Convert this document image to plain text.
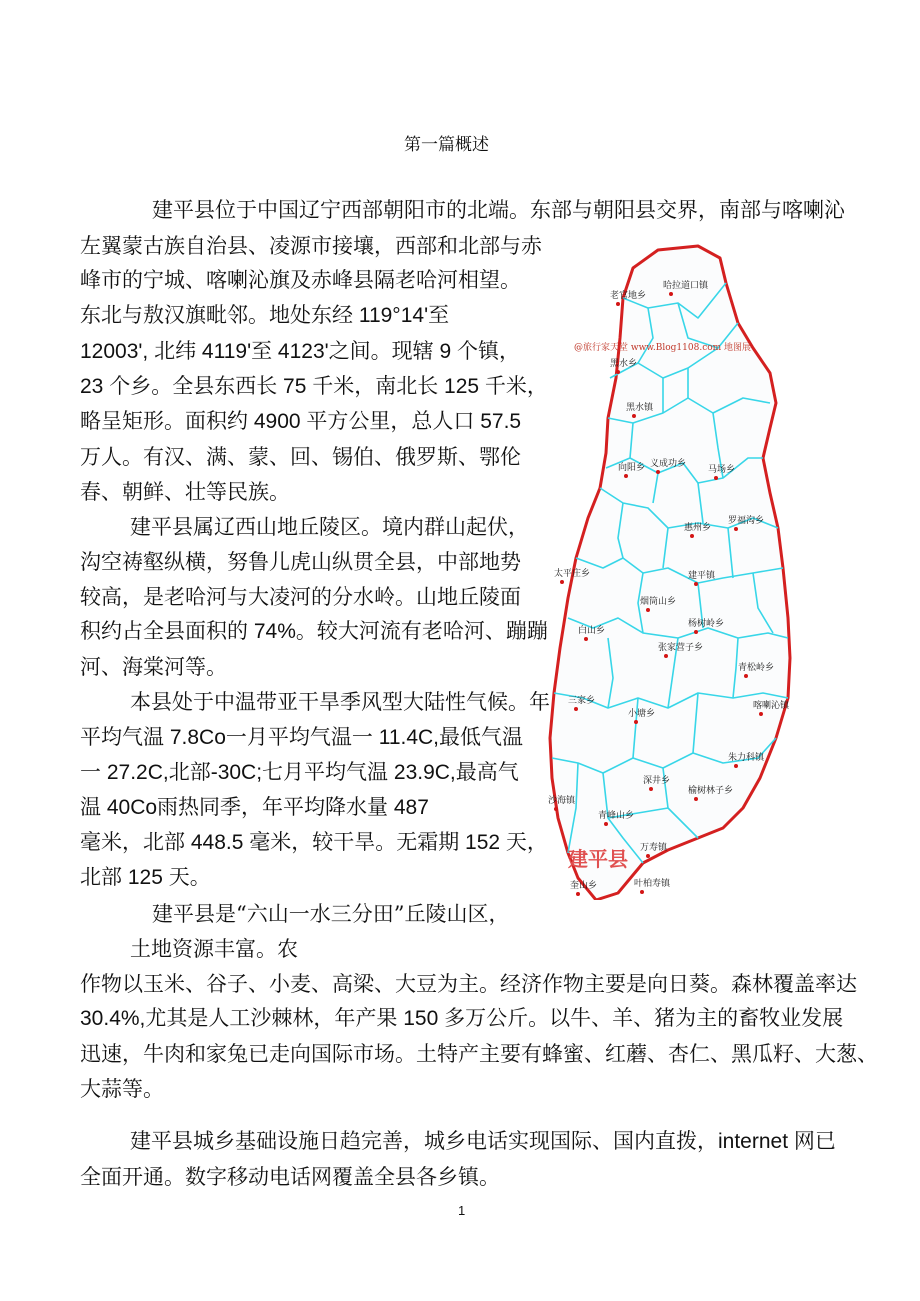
第一篇概述
建平县位于中国辽宁西部朝阳市的北端。东部与朝阳县交界，南部与喀喇沁
左翼蒙古族自治县、凌源市接壤，西部和北部与赤
峰市的宁城、喀喇沁旗及赤峰县隔老哈河相望。
东北与敖汉旗毗邻。地处东经 119°14'至
12003', 北纬 4119'至 4123'之间。现辖 9 个镇，
23 个乡。全县东西长 75 千米，南北长 125 千米，
略呈矩形。面积约 4900 平方公里，总人口 57.5
万人。有汉、满、蒙、回、锡伯、俄罗斯、鄂伦
春、朝鲜、壮等民族。
建平县属辽西山地丘陵区。境内群山起伏，
沟空祷壑纵横，努鲁儿虎山纵贯全县，中部地势
较高，是老哈河与大凌河的分水岭。山地丘陵面
积约占全县面积的 74%。较大河流有老哈河、蹦蹦
河、海棠河等。
本县处于中温带亚干旱季风型大陆性气候。年
平均气温 7.8Co一月平均气温一 11.4C,最低气温
一 27.2C,北部-30C;七月平均气温 23.9C,最高气
温 40Co雨热同季，年平均降水量 487
毫米，北部 448.5 毫米，较干旱。无霜期 152 天，
北部 125 天。
建平县是“六山一水三分田”丘陵山区，
土地资源丰富。农
作物以玉米、谷子、小麦、高梁、大豆为主。经济作物主要是向日葵。森林覆盖率达
30.4%,尤其是人工沙棘林，年产果 150 多万公斤。以牛、羊、猪为主的畜牧业发展
迅速，牛肉和家兔已走向国际市场。土特产主要有蜂蜜、红蘑、杏仁、黑瓜籽、大葱、
大蒜等。
建平县城乡基础设施日趋完善，城乡电话实现国际、国内直拨，internet 网已
全面开通。数字移动电话网覆盖全县各乡镇。
1
@旅行家天堂 www.Blog1108.com 地图展
建平县
老官地乡
哈拉道口镇
黑水乡
黑水镇
向阳乡 义成功乡
马场乡
惠州乡
罗福沟乡
太平庄乡	建平镇
烟筒山乡
白山乡
杨树岭乡
张家营子乡
青松岭乡
三家乡
小塘乡
喀喇沁镇
朱力科镇
深井乡
榆树林子乡
沙海镇
青峰山乡
万寿镇
奎山乡	叶柏寿镇
